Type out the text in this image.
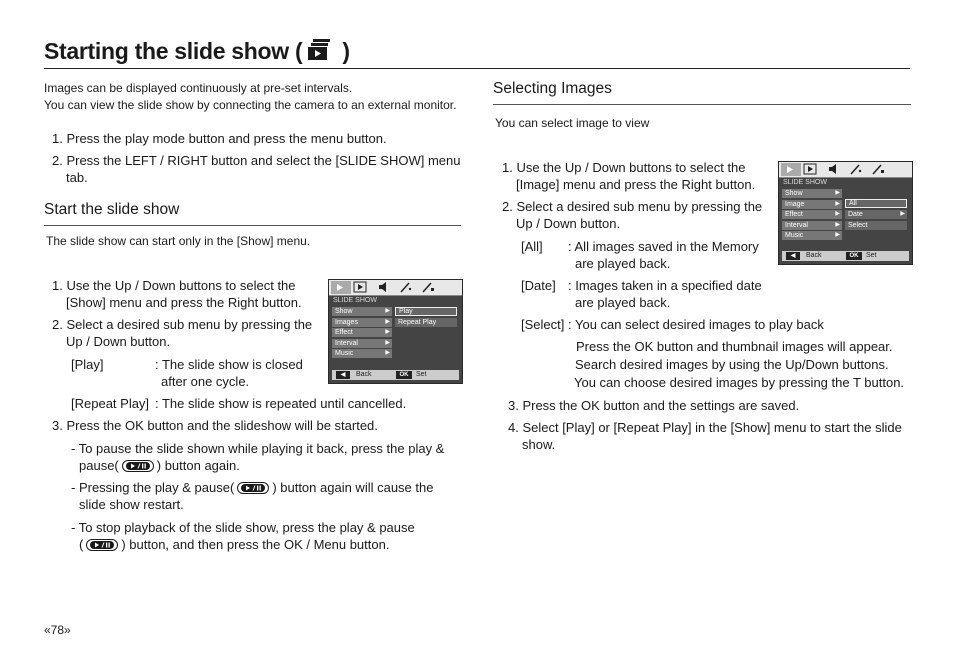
Starting the slide show ( )
Images can be displayed continuously at pre-set intervals.
You can view the slide show by connecting the camera to an external monitor.
1. Press the play mode button and press the menu button.
2. Press the LEFT / RIGHT button and select the [SLIDE SHOW] menu
tab.
Start the slide show
The slide show can start only in the [Show] menu.
1. Use the Up / Down buttons to select the
[Show] menu and press the Right button.
2. Select a desired sub menu by pressing the
Up / Down button.
[Play]	: The slide show is closed
after one cycle.
[Repeat Play] : The slide show is repeated until cancelled.
3. Press the OK button and the slideshow will be started.
- To pause the slide shown while playing it back, press the play &
pause(	) button again.
- Pressing the play & pause(	) button again will cause the
slide show restart.
- To stop playback of the slide show, press the play & pause
(	) button, and then press the OK / Menu button.
SLIDE SHOW
Show	▶
Images	▶
Effect	▶
Interval	▶
Music	▶
Play
Repeat Play
◀	Back	OK	Set
Selecting Images
You can select image to view
1. Use the Up / Down buttons to select the
[Image] menu and press the Right button.
2. Select a desired sub menu by pressing the
Up / Down button.
[All] : All images saved in the Memory
are played back.
[Date] : Images taken in a specified date
are played back.
[Select] : You can select desired images to play back
Press the OK button and thumbnail images will appear.
Search desired images by using the Up/Down buttons.
You can choose desired images by pressing the T button.
3. Press the OK button and the settings are saved.
4. Select [Play] or [Repeat Play] in the [Show] menu to start the slide
show.
SLIDE SHOW
Show	▶
Image	▶
Effect	▶
Interval	▶
Music	▶
All
Date	▶
Select
◀	Back	OK	Set
«78»
